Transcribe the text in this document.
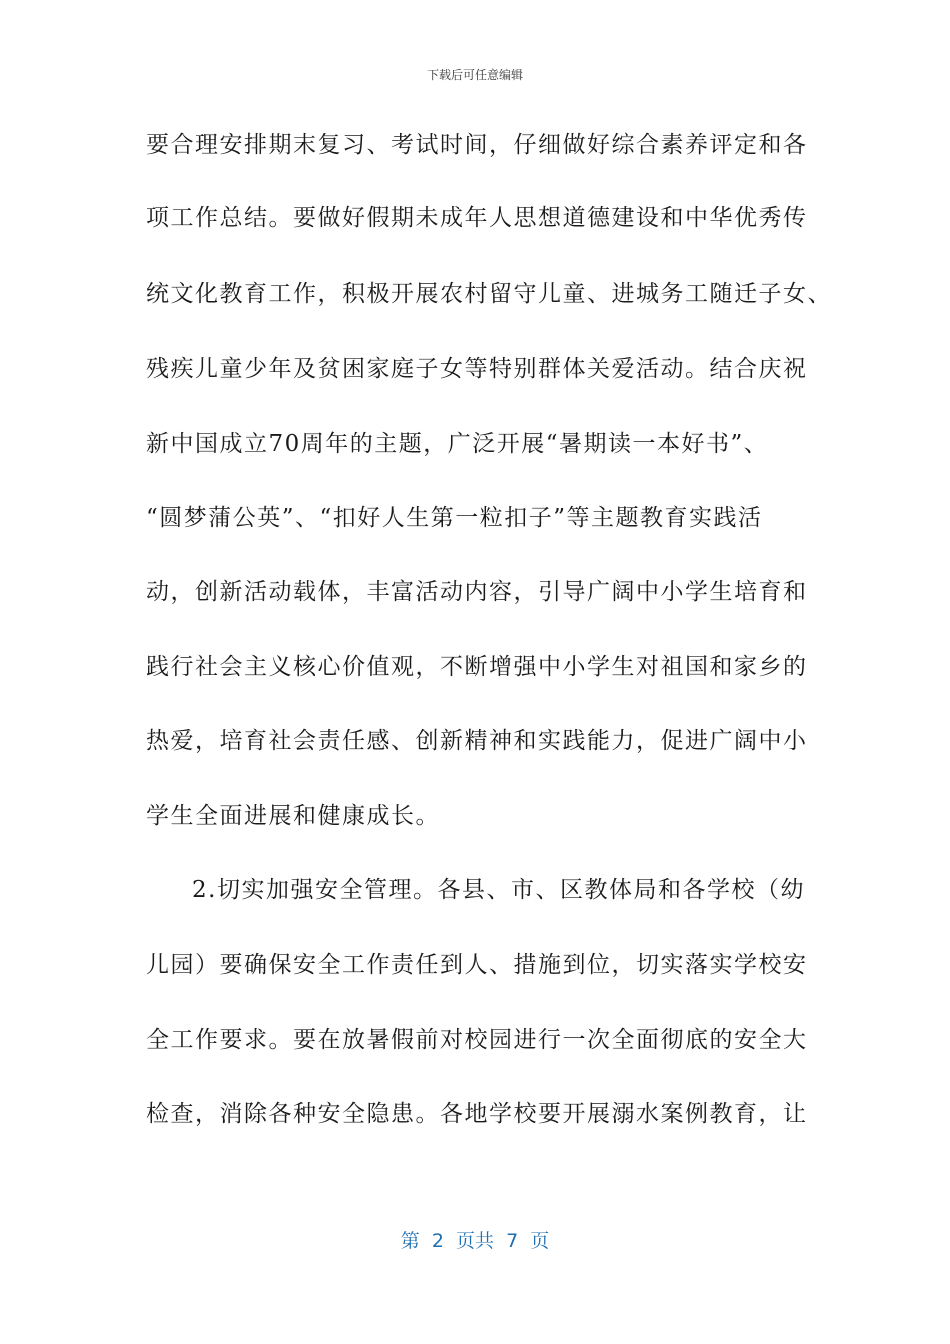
下载后可任意编辑
要合理安排期末复习、考试时间，仔细做好综合素养评定和各
项工作总结。要做好假期未成年人思想道德建设和中华优秀传
统文化教育工作，积极开展农村留守儿童、进城务工随迁子女、
残疾儿童少年及贫困家庭子女等特别群体关爱活动。结合庆祝
新中国成立70周年的主题，广泛开展“暑期读一本好书”、
“圆梦蒲公英”、“扣好人生第一粒扣子”等主题教育实践活
动，创新活动载体，丰富活动内容，引导广阔中小学生培育和
践行社会主义核心价值观，不断增强中小学生对祖国和家乡的
热爱，培育社会责任感、创新精神和实践能力，促进广阔中小
学生全面进展和健康成长。
2.切实加强安全管理。各县、市、区教体局和各学校（幼
儿园）要确保安全工作责任到人、措施到位，切实落实学校安
全工作要求。要在放暑假前对校园进行一次全面彻底的安全大
检查，消除各种安全隐患。各地学校要开展溺水案例教育，让
第  2  页共  7  页
